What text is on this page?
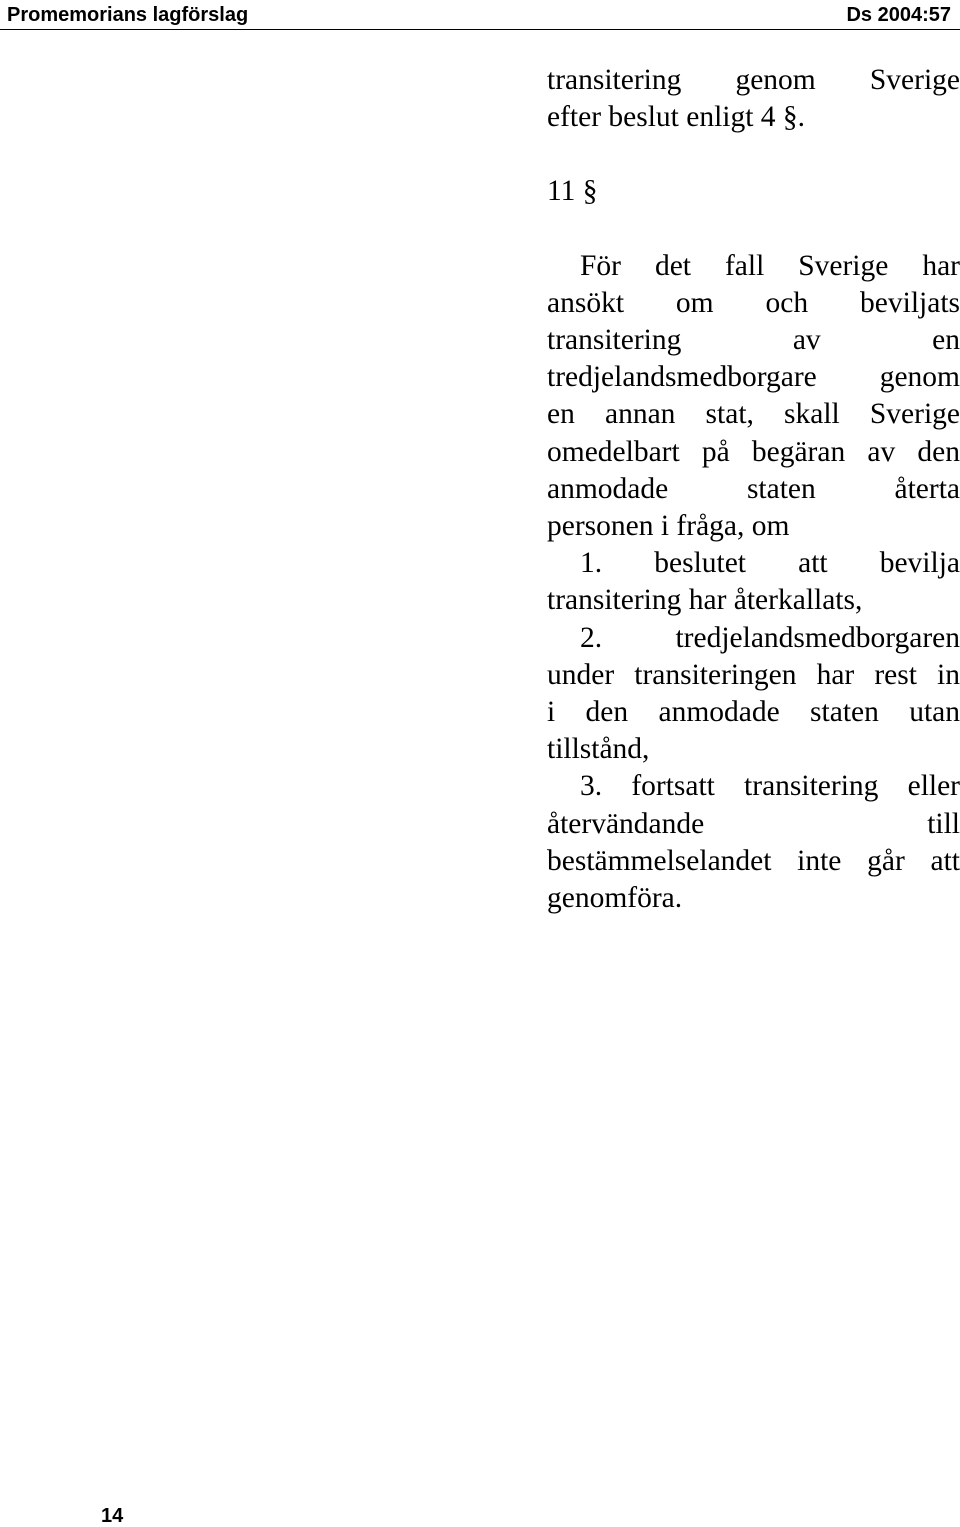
Promemorians lagförslag	Ds 2004:57

transitering genom Sverige

efter beslut enligt 4 §.

11 §

För det fall Sverige har

ansökt om och beviljats

transitering av en

tredjelandsmedborgare genom

en annan stat, skall Sverige

omedelbart på begäran av den

anmodade staten återta

personen i fråga, om

1. beslutet att bevilja

transitering har återkallats,

2. tredjelandsmedborgaren

under transiteringen har rest in

i den anmodade staten utan

tillstånd,

3. fortsatt transitering eller

återvändande till

bestämmelselandet inte går att

genomföra.

14
